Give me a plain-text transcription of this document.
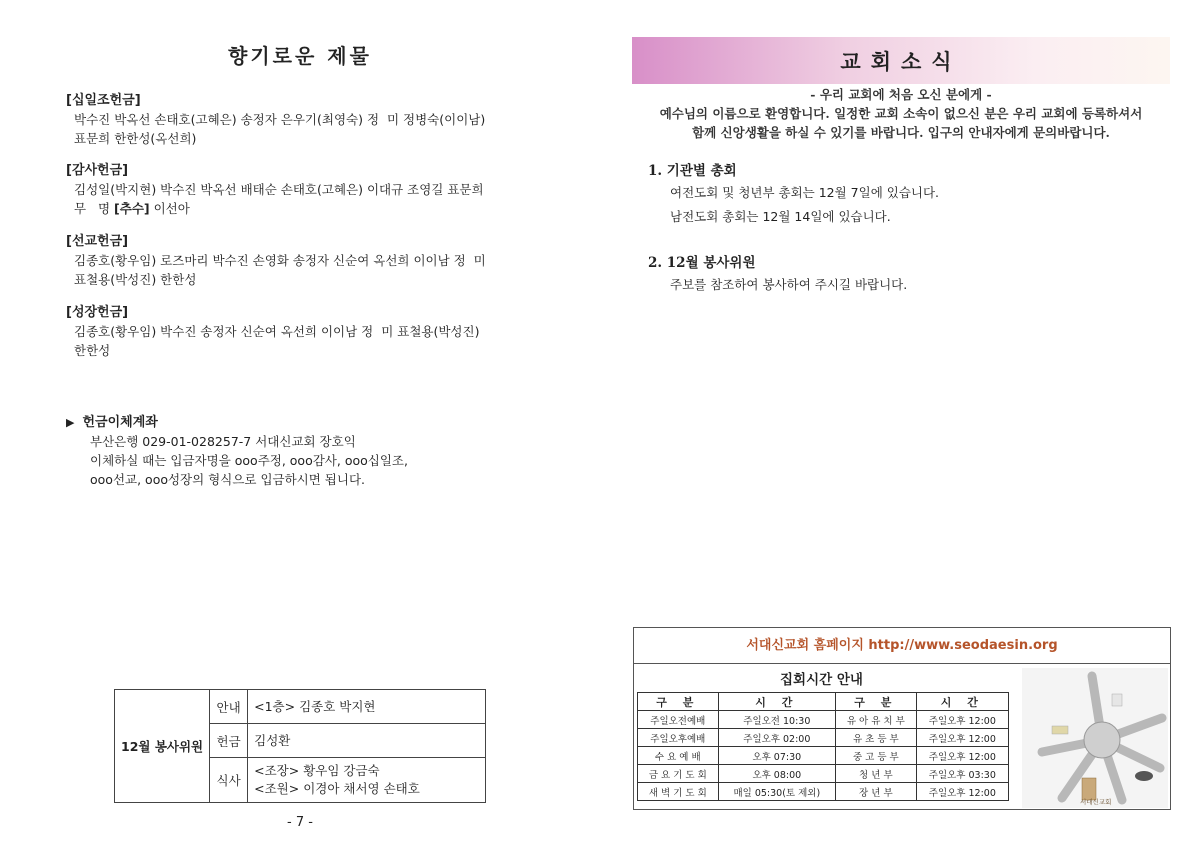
향기로운 제물
[십일조헌금]

박수진 박옥선 손태호(고혜은) 송정자 은우기(최영숙) 정  미 정병숙(이이남)

표문희 한한성(옥선희)

[감사헌금]

김성일(박지현) 박수진 박옥선 배태순 손태호(고혜은) 이대규 조영길 표문희

무   명 [추수] 이선아

[선교헌금]

김종호(황우임) 로즈마리 박수진 손영화 송정자 신순여 옥선희 이이남 정  미

표철용(박성진) 한한성

[성장헌금]

김종호(황우임) 박수진 송정자 신순여 옥선희 이이남 정  미 표철용(박성진)

한한성

▶ 헌금이체계좌
부산은행 029-01-028257-7 서대신교회 장호익
이체하실 때는 입금자명을 ooo주정, ooo감사, ooo십일조,
ooo선교, ooo성장의 형식으로 입금하시면 됩니다.
12월 봉사위원	안내	<1층> 김종호 박지현

	헌금	김성환

	식사	<조장> 황우임 강금숙
<조원> 이경아 채서영 손태호
- 7 -
교회소식
- 우리 교회에 처음 오신 분에게 -
예수님의 이름으로 환영합니다. 일정한 교회 소속이 없으신 분은 우리 교회에 등록하셔서
함께 신앙생활을 하실 수 있기를 바랍니다. 입구의 안내자에게 문의바랍니다.
1. 기관별 총회

여전도회 및 청년부 총회는 12월 7일에 있습니다.

남전도회 총회는 12월 14일에 있습니다.

2. 12월 봉사위원

주보를 참조하여 봉사하여 주시길 바랍니다.

서대신교회 홈페이지 http://www.seodaesin.org
집회시간 안내
구 분	시 간	구 분	시 간
주일오전예배	주일오전 10:30	유 아 유 치 부	주일오후 12:00
주일오후예배	주일오후 02:00	유 초 등 부	주일오후 12:00
수 요 예 배	오후 07:30	중 고 등 부	주일오후 12:00
금 요 기 도 회	오후 08:00	청 년 부	주일오후 03:30
새 벽 기 도 회	매일 05:30(토 제외)	장 년 부	주일오후 12:00
서대신교회
